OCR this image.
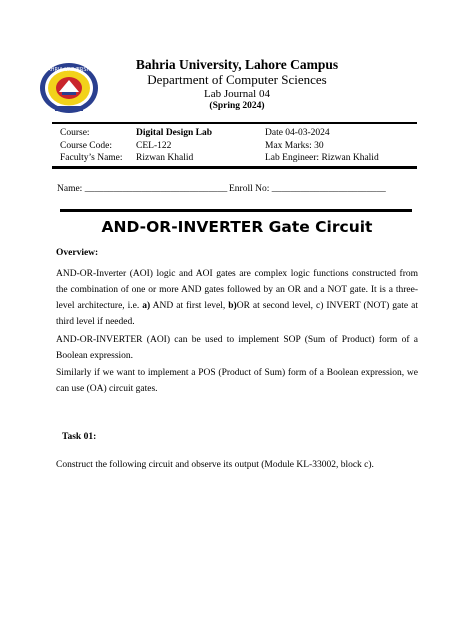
BAHRIA UNIVERSITY	Bahria University, Lahore Campus
Department of Computer Sciences
Lab Journal 04
(Spring 2024)
Course:
Course Code:
Faculty’s Name:
Digital Design Lab
CEL-122
Rizwan Khalid
Date 04-03-2024
Max Marks: 30
Lab Engineer: Rizwan Khalid
Name: ______________________________ Enroll No: ________________________
AND-OR-INVERTER Gate Circuit
Overview:
AND-OR-Inverter (AOI) logic and AOI gates are complex logic functions constructed from the combination of one or more AND gates followed by an OR and a NOT gate. It is a three-level architecture, i.e. a) AND at first level, b)OR at second level, c) INVERT (NOT) gate at third level if needed.
AND-OR-INVERTER (AOI) can be used to implement SOP (Sum of Product) form of a Boolean expression.
Similarly if we want to implement a POS (Product of Sum) form of a Boolean expression, we can use (OA) circuit gates.
Task 01:
Construct the following circuit and observe its output (Module KL-33002, block c).
